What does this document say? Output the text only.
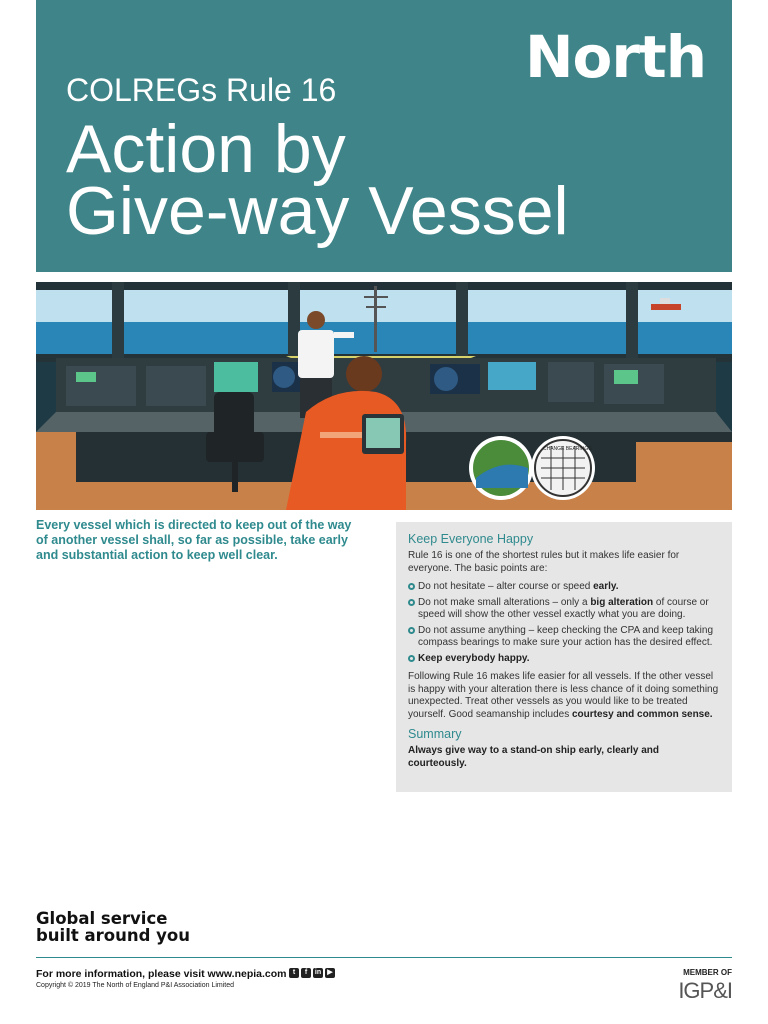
North
COLREGs Rule 16
Action by
Give-way Vessel
CHANGE BEARINGS
Every vessel which is directed to keep out of the way of another vessel shall, so far as possible, take early and substantial action to keep well clear.
Keep Everyone Happy

Rule 16 is one of the shortest rules but it makes life easier for everyone. The basic points are:

Do not hesitate – alter course or speed early.
Do not make small alterations – only a big alteration of course or speed will show the other vessel exactly what you are doing.
Do not assume anything – keep checking the CPA and keep taking compass bearings to make sure your action has the desired effect.
Keep everybody happy.

Following Rule 16 makes life easier for all vessels. If the other vessel is happy with your alteration there is less chance of it doing something unexpected. Treat other vessels as you would like to be treated yourself. Good seamanship includes courtesy and common sense.

Summary

Always give way to a stand-on ship early, clearly and courteously.

Global service
built around you
For more information, please visit www.nepia.com t	f	in ▶
Copyright © 2019 The North of England P&I Association Limited
MEMBER OF
IGP&I
